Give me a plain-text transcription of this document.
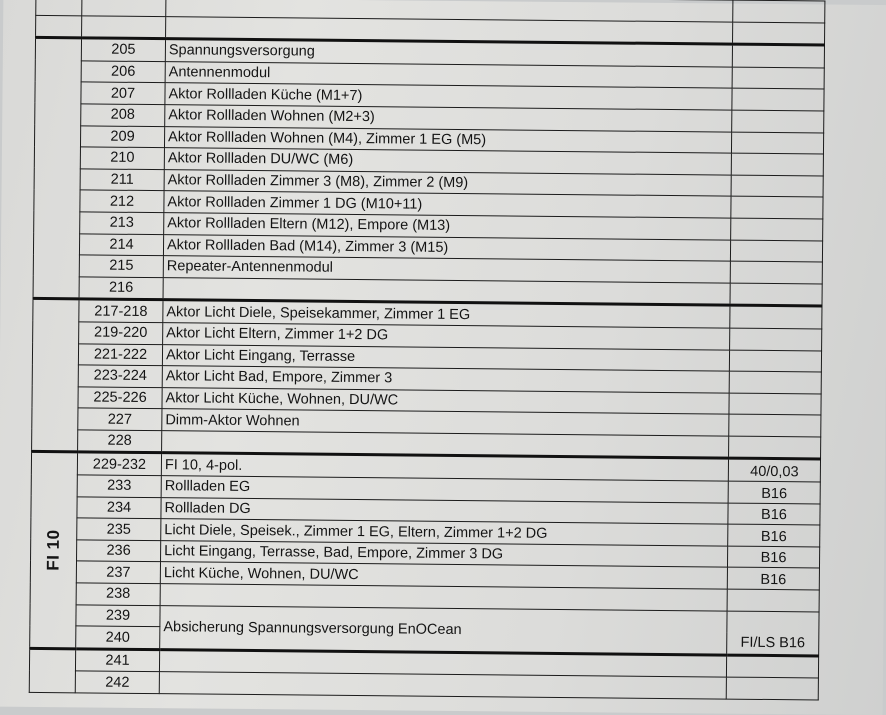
	205	Spannungsversorgung	
	206	Antennenmodul	
	207	Aktor Rollladen Küche (M1+7)	
	208	Aktor Rollladen Wohnen (M2+3)	
	209	Aktor Rollladen Wohnen (M4), Zimmer 1 EG (M5)	
	210	Aktor Rollladen DU/WC (M6)	
	211	Aktor Rollladen Zimmer 3 (M8), Zimmer 2 (M9)	
	212	Aktor Rollladen Zimmer 1 DG (M10+11)	
	213	Aktor Rollladen Eltern (M12), Empore (M13)	
	214	Aktor Rollladen Bad (M14), Zimmer 3 (M15)	
	215	Repeater-Antennenmodul	
	216		
	217-218	Aktor Licht Diele, Speisekammer, Zimmer 1 EG	
	219-220	Aktor Licht Eltern, Zimmer 1+2 DG	
	221-222	Aktor Licht Eingang, Terrasse	
	223-224	Aktor Licht Bad, Empore, Zimmer 3	
	225-226	Aktor Licht Küche, Wohnen, DU/WC	
	227	Dimm-Aktor Wohnen	
	228		
FI 10	229-232	FI 10, 4-pol.	40/0,03
	233	Rollladen EG	B16
	234	Rollladen DG	B16
	235	Licht Diele, Speisek., Zimmer 1 EG, Eltern, Zimmer 1+2 DG	B16
	236	Licht Eingang, Terrasse, Bad, Empore, Zimmer 3 DG	B16
	237	Licht Küche, Wohnen, DU/WC	B16
	238		
	239	Absicherung Spannungsversorgung EnOCean	FI/LS B16
	240		
	241		
	242		
